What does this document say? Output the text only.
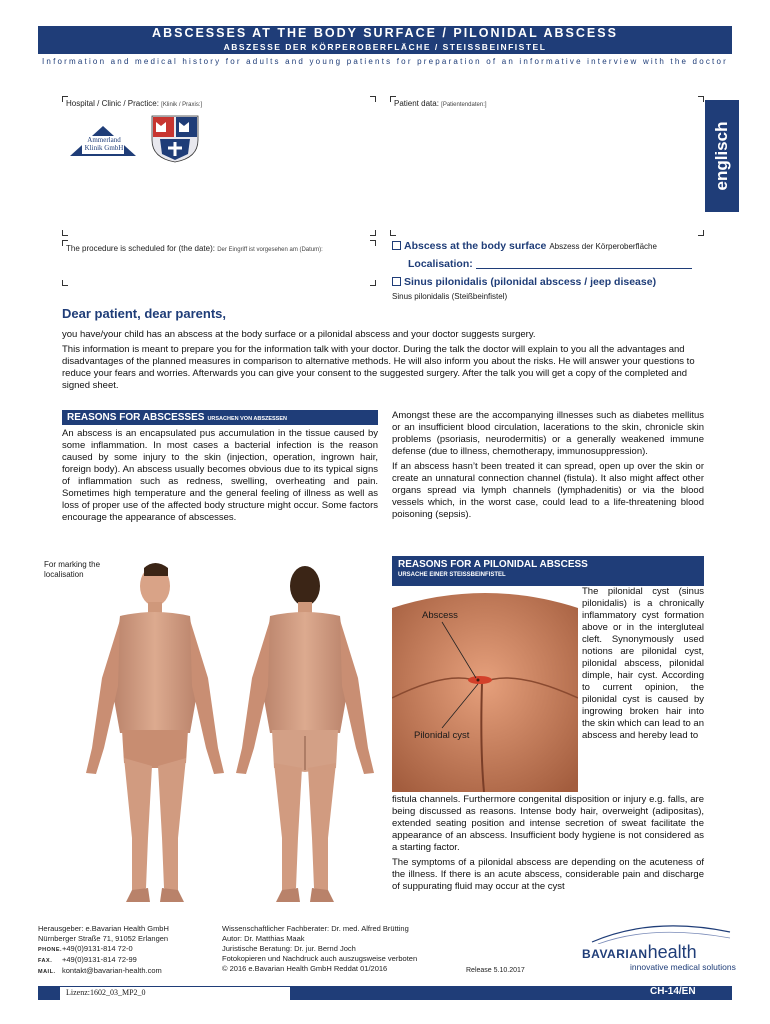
ABSCESSES AT THE BODY SURFACE / PILONIDAL ABSCESS
ABSZESSE DER KÖRPEROBERFLÄCHE / STEISSBEINFISTEL
Information and medical history for adults and young patients for preparation of an informative interview with the doctor
englisch
Hospital / Clinic / Practice: [Klinik / Praxis:]
Ammerland
Klinik GmbH
Patient data: [Patientendaten:]
The procedure is scheduled for (the date): Der Eingriff ist vorgesehen am (Datum):	Abscess at the body surface Abszess der Körperoberfläche
Localisation:
Sinus pilonidalis (pilonidal abscess / jeep disease)
Sinus pilonidalis (Steißbeinfistel)
Dear patient, dear parents,

you have/your child has an abscess at the body surface or a pilonidal abscess and your doctor suggests surgery.

This information is meant to prepare you for the information talk with your doctor. During the talk the doctor will explain to you all the advantages and disadvantages of the planned measures in comparison to alternative methods. He will also inform you about the risks. He will answer your questions to reduce your fears and worries. Afterwards you can give your consent to the suggested surgery. After the talk you will get a copy of the completed and signed sheet.

REASONS FOR ABSCESSES URSACHEN VON ABSZESSEN

An abscess is an encapsulated pus accumulation in the tissue caused by some inflammation. In most cases a bacterial infection is the reason caused by some injury to the skin (injection, operation, ingrown hair, foreign body). An abscess usually becomes obvious due to its typical signs of inflammation such as redness, swelling, overheating and pain. Sometimes high temperature and the general feeling of illness as well as loss of proper use of the affected body structure might occur. Some factors encourage the appearance of abscesses.

For marking the localisation

Amongst these are the accompanying illnesses such as diabetes mellitus or an insufficient blood circulation, lacerations to the skin, chronicle skin problems (psoriasis, neurodermitis) or a generally weakened immune defense (due to illness, chemotherapy, immunosuppression).

If an abscess hasn’t been treated it can spread, open up over the skin or create an unnatural connection channel (fistula). It also might affect other organs spread via lymph channels (lymphadenitis) or via the blood vessels which, in the worst case, could lead to a life-threatening blood poisoning (sepsis).

REASONS FOR A PILONIDAL ABSCESS
URSACHE EINER STEISSBEINFISTEL
Abscess
Pilonidal cyst

The pilonidal cyst (sinus pilonidalis) is a chronically inflammatory cyst formation above or in the intergluteal cleft. Synonymously used notions are pilonidal cyst, pilonidal abscess, pilonidal dimple, hair cyst. According to current opinion, the pilonidal cyst is caused by ingrowing broken hair into the skin which can lead to an abscess and hereby lead to

fistula channels. Furthermore congenital disposition or injury e.g. falls, are being discussed as reasons. Intense body hair, overweight (adipositas), extended seating position and intense secretion of sweat facilitate the appearance of an abscess. Insufficient body hygiene is not considered as a starting factor.

The symptoms of a pilonidal abscess are depending on the acuteness of the illness. If there is an acute abscess, considerable pain and discharge of suppurating fluid may occur at the cyst

Herausgeber: e.Bavarian Health GmbH
Nürnberger Straße 71, 91052 Erlangen
PHONE.+49(0)9131-814 72-0
FAX. +49(0)9131-814 72-99
MAIL. kontakt@bavarian-health.com
Wissenschaftlicher Fachberater: Dr. med. Alfred Brütting
Autor: Dr. Matthias Maak
Juristische Beratung: Dr. jur. Bernd Joch
Fotokopieren und Nachdruck auch auszugsweise verboten
© 2016 e.Bavarian Health GmbH Reddat 01/2016	Release 5.10.2017
BAVARIANhealth
innovative medical solutions
Lizenz:1602_03_MP2_0	CH-14/EN
